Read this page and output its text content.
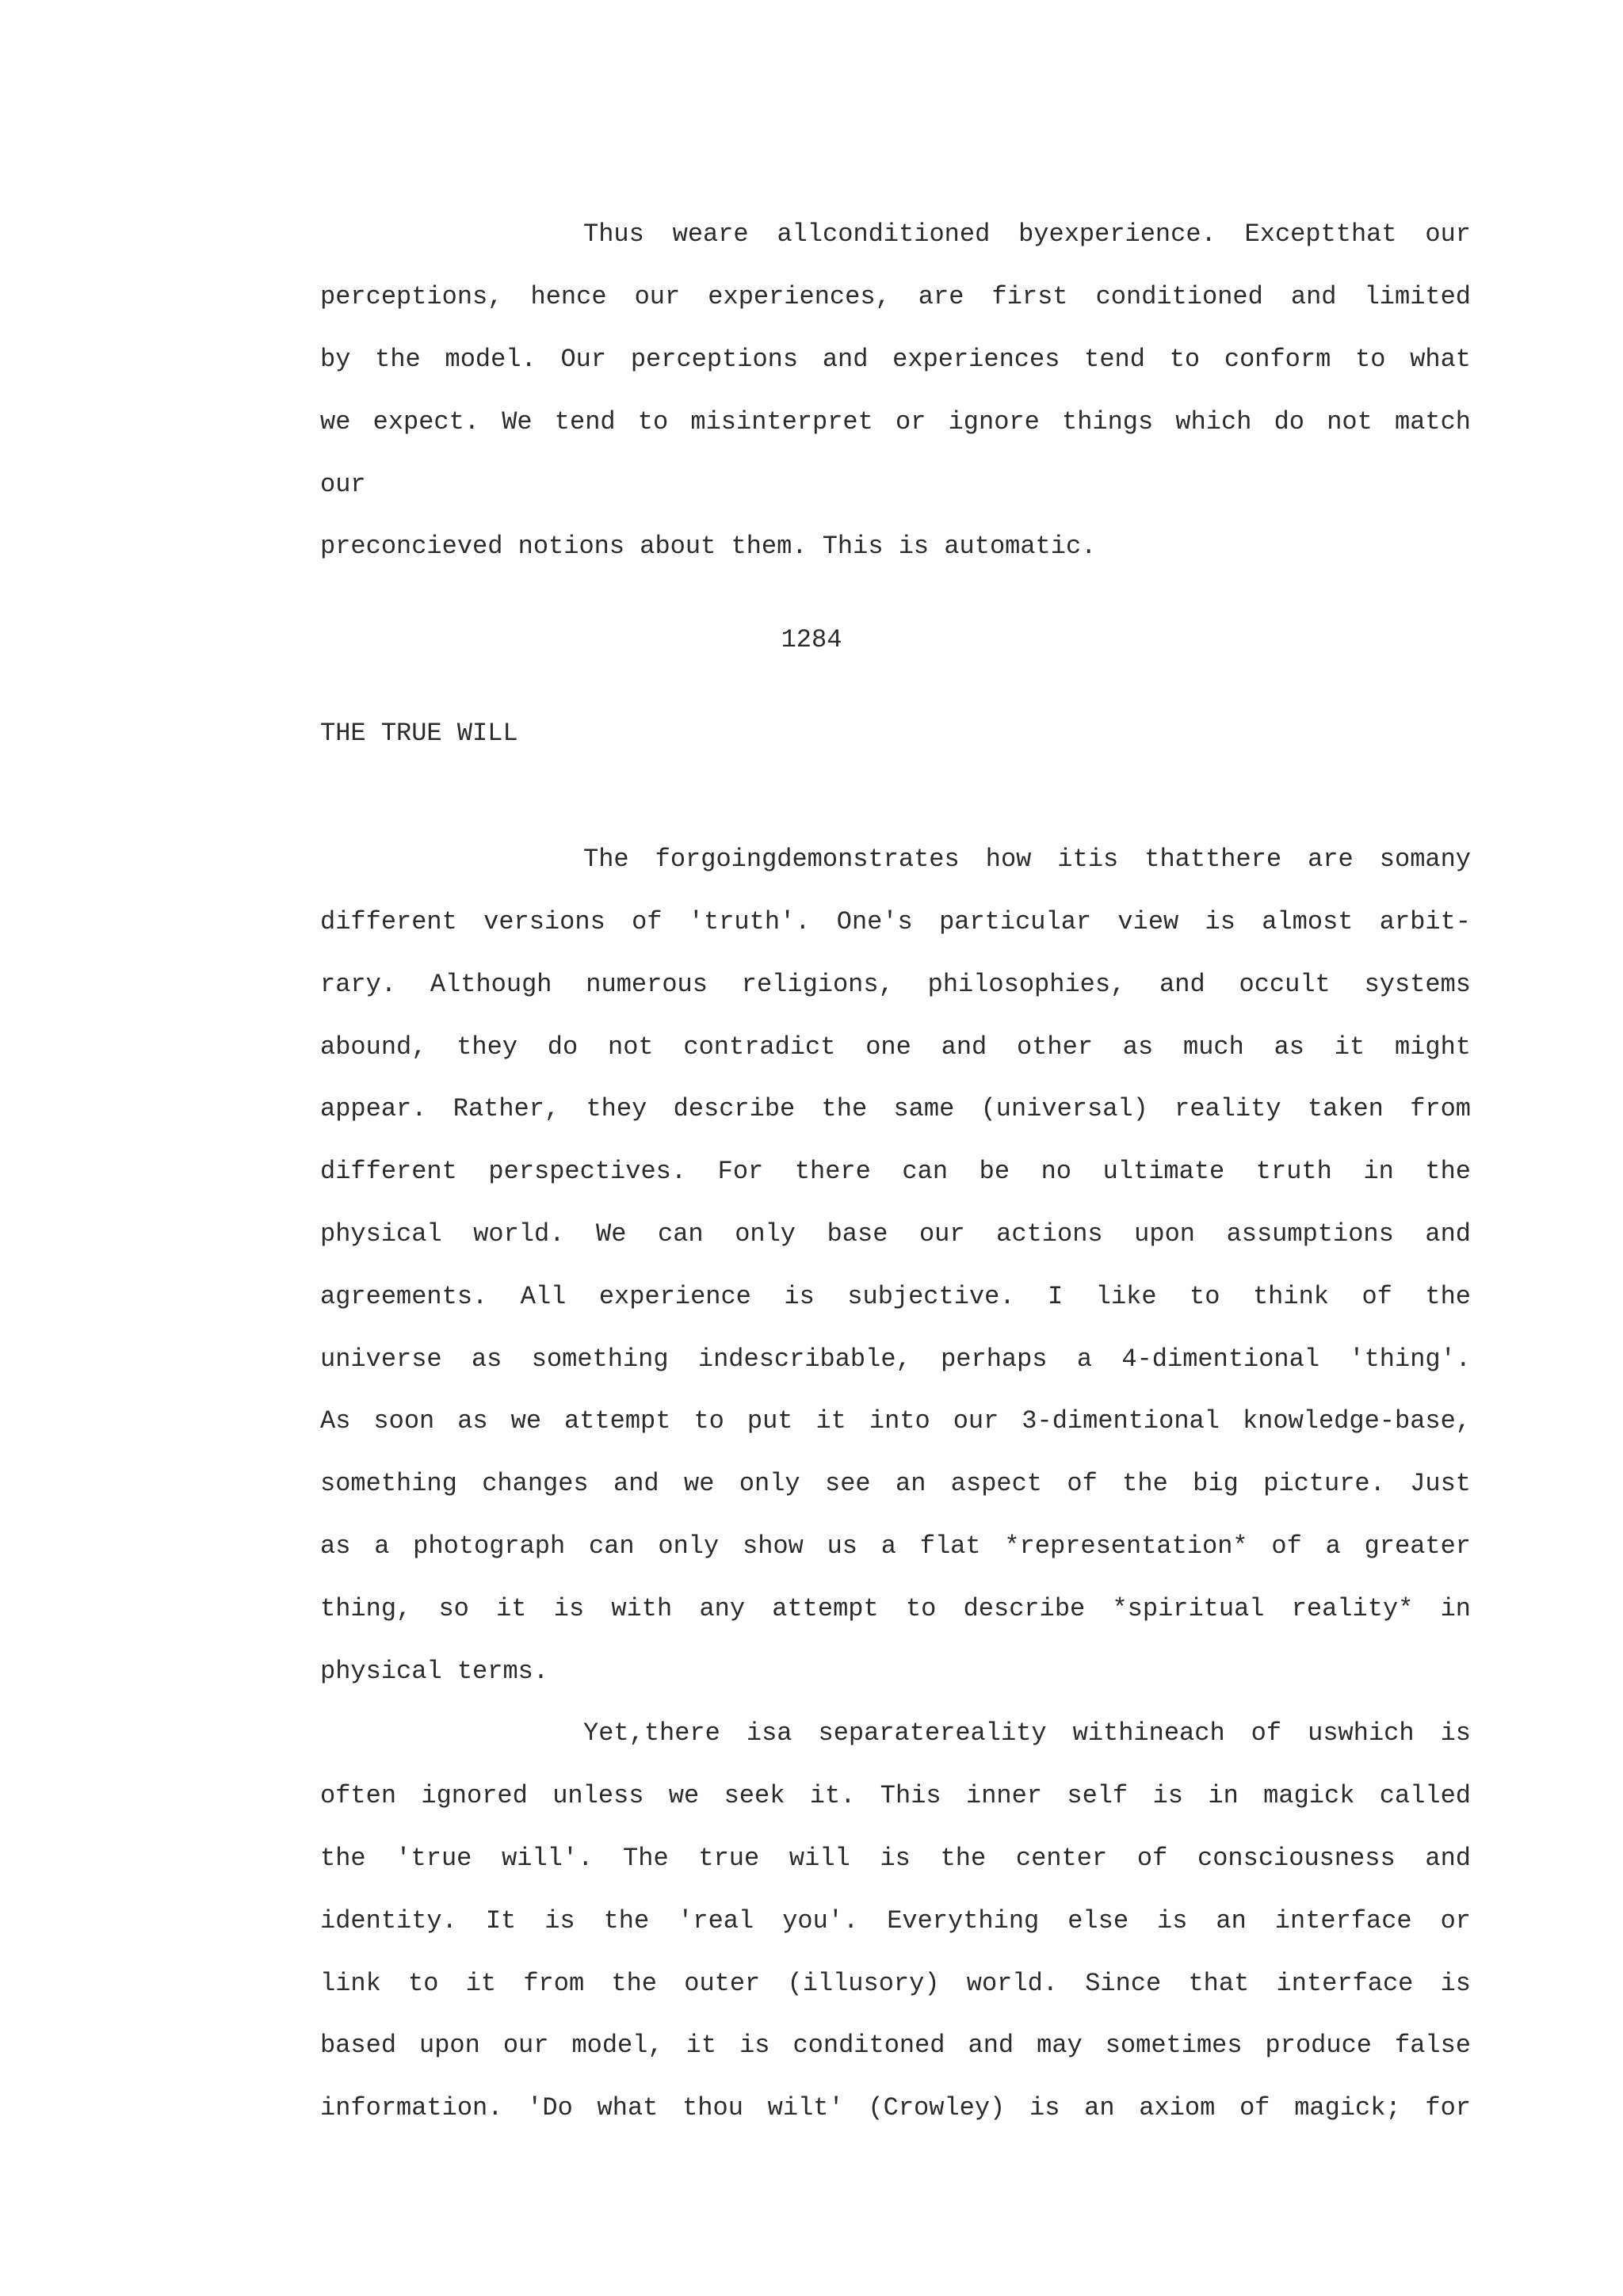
Thus weare allconditioned byexperience. Exceptthat our
perceptions, hence our experiences, are first conditioned and limited
by the model. Our perceptions and experiences tend to conform to what
we expect. We tend to misinterpret or ignore things which do not match
our
preconcieved notions about them. This is automatic.
1284
THE TRUE WILL
The forgoingdemonstrates how itis thatthere are somany
different versions of 'truth'. One's particular view is almost arbit-
rary. Although numerous religions, philosophies, and occult systems
abound, they do not contradict one and other as much as it might
appear. Rather, they describe the same (universal) reality taken from
different perspectives. For there can be no ultimate truth in the
physical world. We can only base our actions upon assumptions and
agreements. All experience is subjective. I like to think of the
universe as something indescribable, perhaps a 4-dimentional 'thing'.
As soon as we attempt to put it into our 3-dimentional knowledge-base,
something changes and we only see an aspect of the big picture. Just
as a photograph can only show us a flat *representation* of a greater
thing, so it is with any attempt to describe *spiritual reality* in
physical terms.
Yet,there isa separatereality withineach of uswhich is
often ignored unless we seek it. This inner self is in magick called
the 'true will'. The true will is the center of consciousness and
identity. It is the 'real you'. Everything else is an interface or
link to it from the outer (illusory) world. Since that interface is
based upon our model, it is conditoned and may sometimes produce false
information. 'Do what thou wilt' (Crowley) is an axiom of magick; for
